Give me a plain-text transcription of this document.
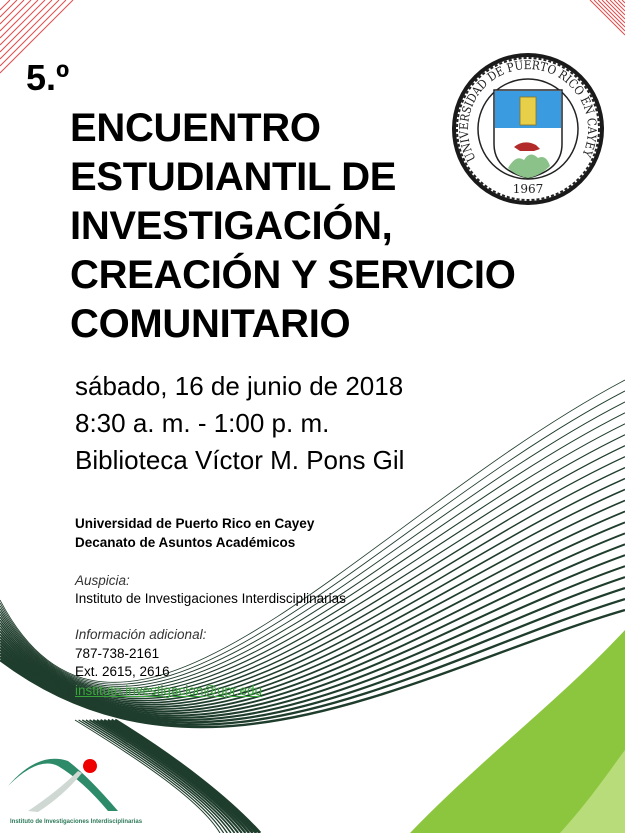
5.º
ENCUENTRO
ESTUDIANTIL DE
INVESTIGACIÓN,
CREACIÓN Y SERVICIO
COMUNITARIO
sábado, 16 de junio de 2018
8:30 a. m. - 1:00 p. m.
Biblioteca Víctor M. Pons Gil
Universidad de Puerto Rico en Cayey
Decanato de Asuntos Académicos
Auspicia:
Instituto de Investigaciones Interdisciplinarias
Información adicional:
787-738-2161
Ext. 2615, 2616
instituto.investigacion@upr.edu
UNIVERSIDAD DE PUERTO RICO EN CAYEY
1967
Instituto de Investigaciones Interdisciplinarias
